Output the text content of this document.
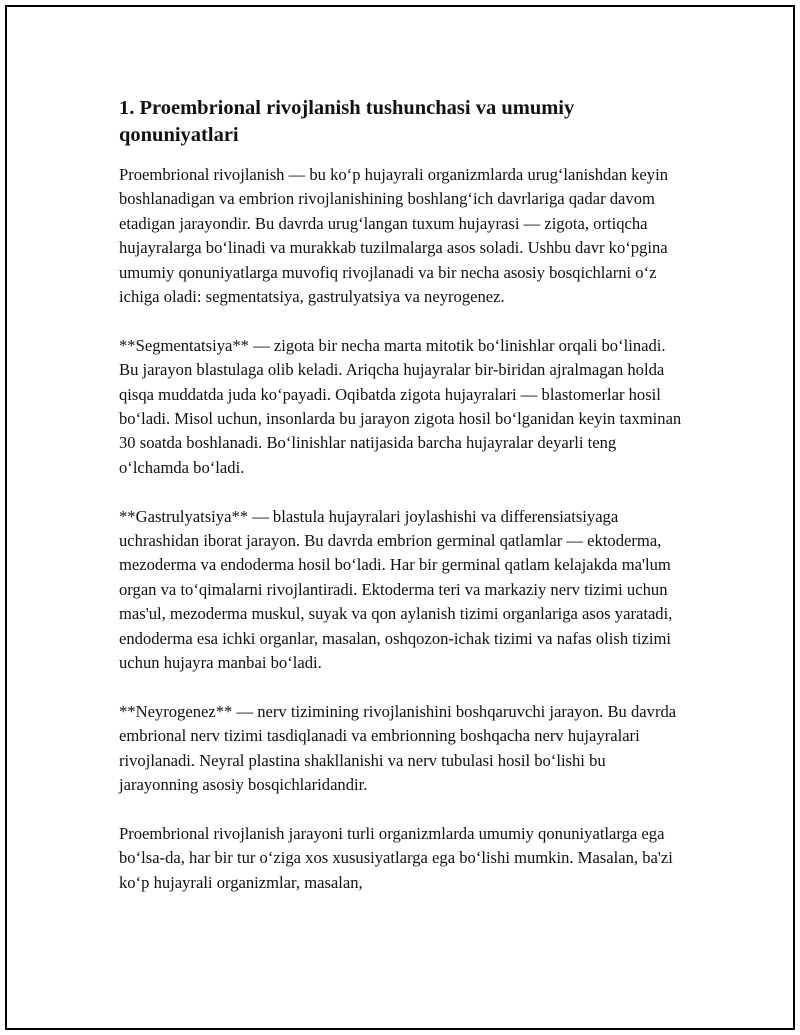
1. Proembrional rivojlanish tushunchasi va umumiy qonuniyatlari

Proembrional rivojlanish — bu ko‘p hujayrali organizmlarda urug‘lanishdan keyin boshlanadigan va embrion rivojlanishining boshlang‘ich davrlariga qadar davom etadigan jarayondir. Bu davrda urug‘langan tuxum hujayrasi — zigota, ortiqcha hujayralarga bo‘linadi va murakkab tuzilmalarga asos soladi. Ushbu davr ko‘pgina umumiy qonuniyatlarga muvofiq rivojlanadi va bir necha asosiy bosqichlarni o‘z ichiga oladi: segmentatsiya, gastrulyatsiya va neyrogenez.

**Segmentatsiya** — zigota bir necha marta mitotik bo‘linishlar orqali bo‘linadi. Bu jarayon blastulaga olib keladi. Ariqcha hujayralar bir-biridan ajralmagan holda qisqa muddatda juda ko‘payadi. Oqibatda zigota hujayralari — blastomerlar hosil bo‘ladi. Misol uchun, insonlarda bu jarayon zigota hosil bo‘lganidan keyin taxminan 30 soatda boshlanadi. Bo‘linishlar natijasida barcha hujayralar deyarli teng o‘lchamda bo‘ladi.

**Gastrulyatsiya** — blastula hujayralari joylashishi va differensiatsiyaga uchrashidan iborat jarayon. Bu davrda embrion germinal qatlamlar — ektoderma, mezoderma va endoderma hosil bo‘ladi. Har bir germinal qatlam kelajakda ma'lum organ va to‘qimalarni rivojlantiradi. Ektoderma teri va markaziy nerv tizimi uchun mas'ul, mezoderma muskul, suyak va qon aylanish tizimi organlariga asos yaratadi, endoderma esa ichki organlar, masalan, oshqozon-ichak tizimi va nafas olish tizimi uchun hujayra manbai bo‘ladi.

**Neyrogenez** — nerv tizimining rivojlanishini boshqaruvchi jarayon. Bu davrda embrional nerv tizimi tasdiqlanadi va embrionning boshqacha nerv hujayralari rivojlanadi. Neyral plastina shakllanishi va nerv tubulasi hosil bo‘lishi bu jarayonning asosiy bosqichlaridandir.

Proembrional rivojlanish jarayoni turli organizmlarda umumiy qonuniyatlarga ega bo‘lsa-da, har bir tur o‘ziga xos xususiyatlarga ega bo‘lishi mumkin. Masalan, ba'zi ko‘p hujayrali organizmlar, masalan,
